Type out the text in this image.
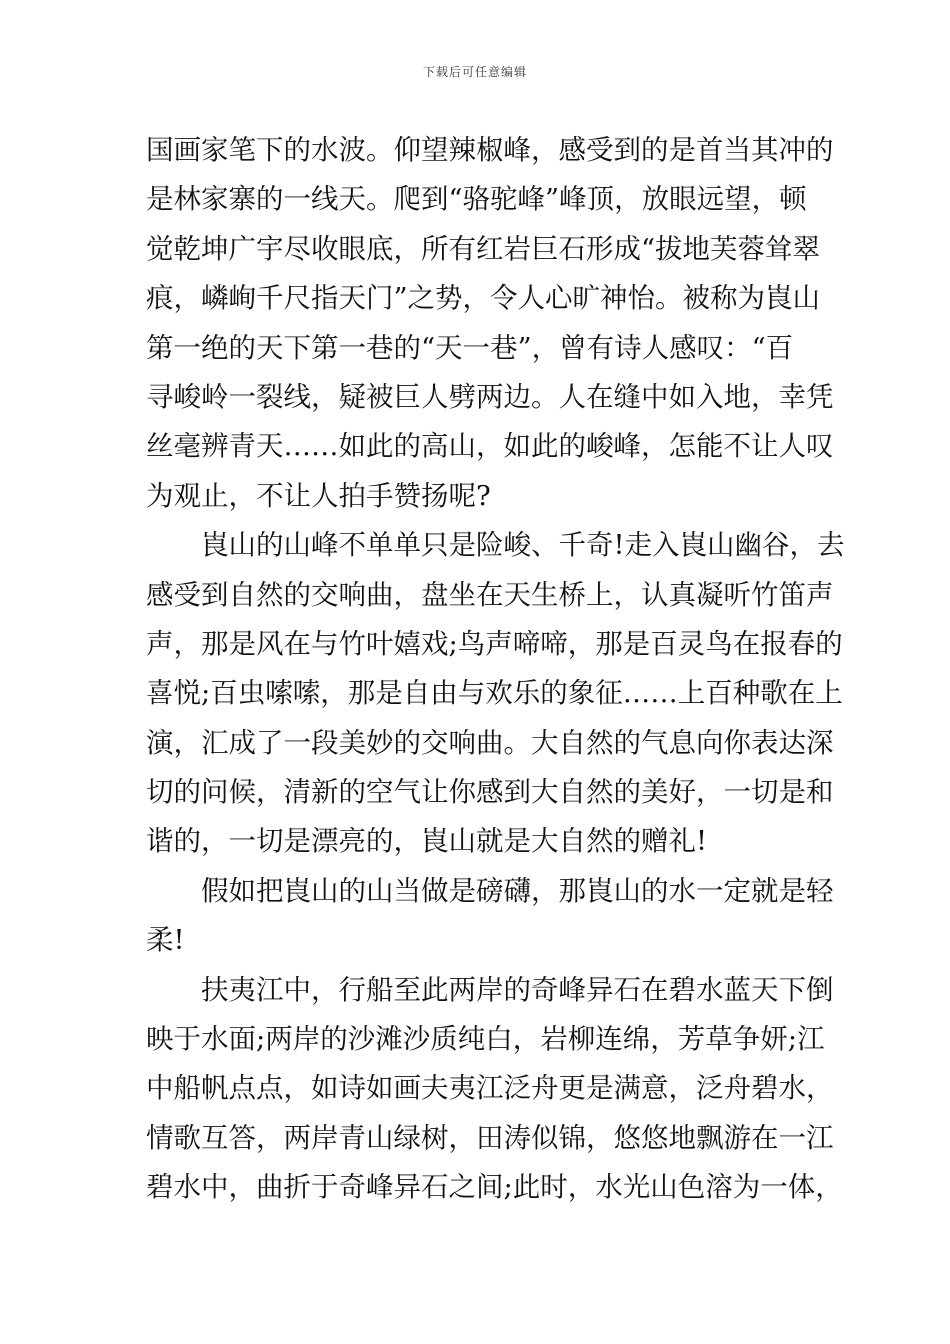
下载后可任意编辑
国画家笔下的水波。仰望辣椒峰，感受到的是首当其冲的
是林家寨的一线天。爬到“骆驼峰”峰顶，放眼远望，顿
觉乾坤广宇尽收眼底，所有红岩巨石形成“拔地芙蓉耸翠
痕，嶙峋千尺指天门”之势，令人心旷神怡。被称为崀山
第一绝的天下第一巷的“天一巷”，曾有诗人感叹：“百
寻峻岭一裂线，疑被巨人劈两边。人在缝中如入地，幸凭
丝毫辨青天……如此的高山，如此的峻峰，怎能不让人叹
为观止，不让人拍手赞扬呢?
　　崀山的山峰不单单只是险峻、千奇!走入崀山幽谷，去
感受到自然的交响曲，盘坐在天生桥上，认真凝听竹笛声
声，那是风在与竹叶嬉戏;鸟声啼啼，那是百灵鸟在报春的
喜悦;百虫嗦嗦，那是自由与欢乐的象征……上百种歌在上
演，汇成了一段美妙的交响曲。大自然的气息向你表达深
切的问候，清新的空气让你感到大自然的美好，一切是和
谐的，一切是漂亮的，崀山就是大自然的赠礼!
　　假如把崀山的山当做是磅礴，那崀山的水一定就是轻
柔!
　　扶夷江中，行船至此两岸的奇峰异石在碧水蓝天下倒
映于水面;两岸的沙滩沙质纯白，岩柳连绵，芳草争妍;江
中船帆点点，如诗如画夫夷江泛舟更是满意，泛舟碧水，
情歌互答，两岸青山绿树，田涛似锦，悠悠地飘游在一江
碧水中，曲折于奇峰异石之间;此时，水光山色溶为一体，
